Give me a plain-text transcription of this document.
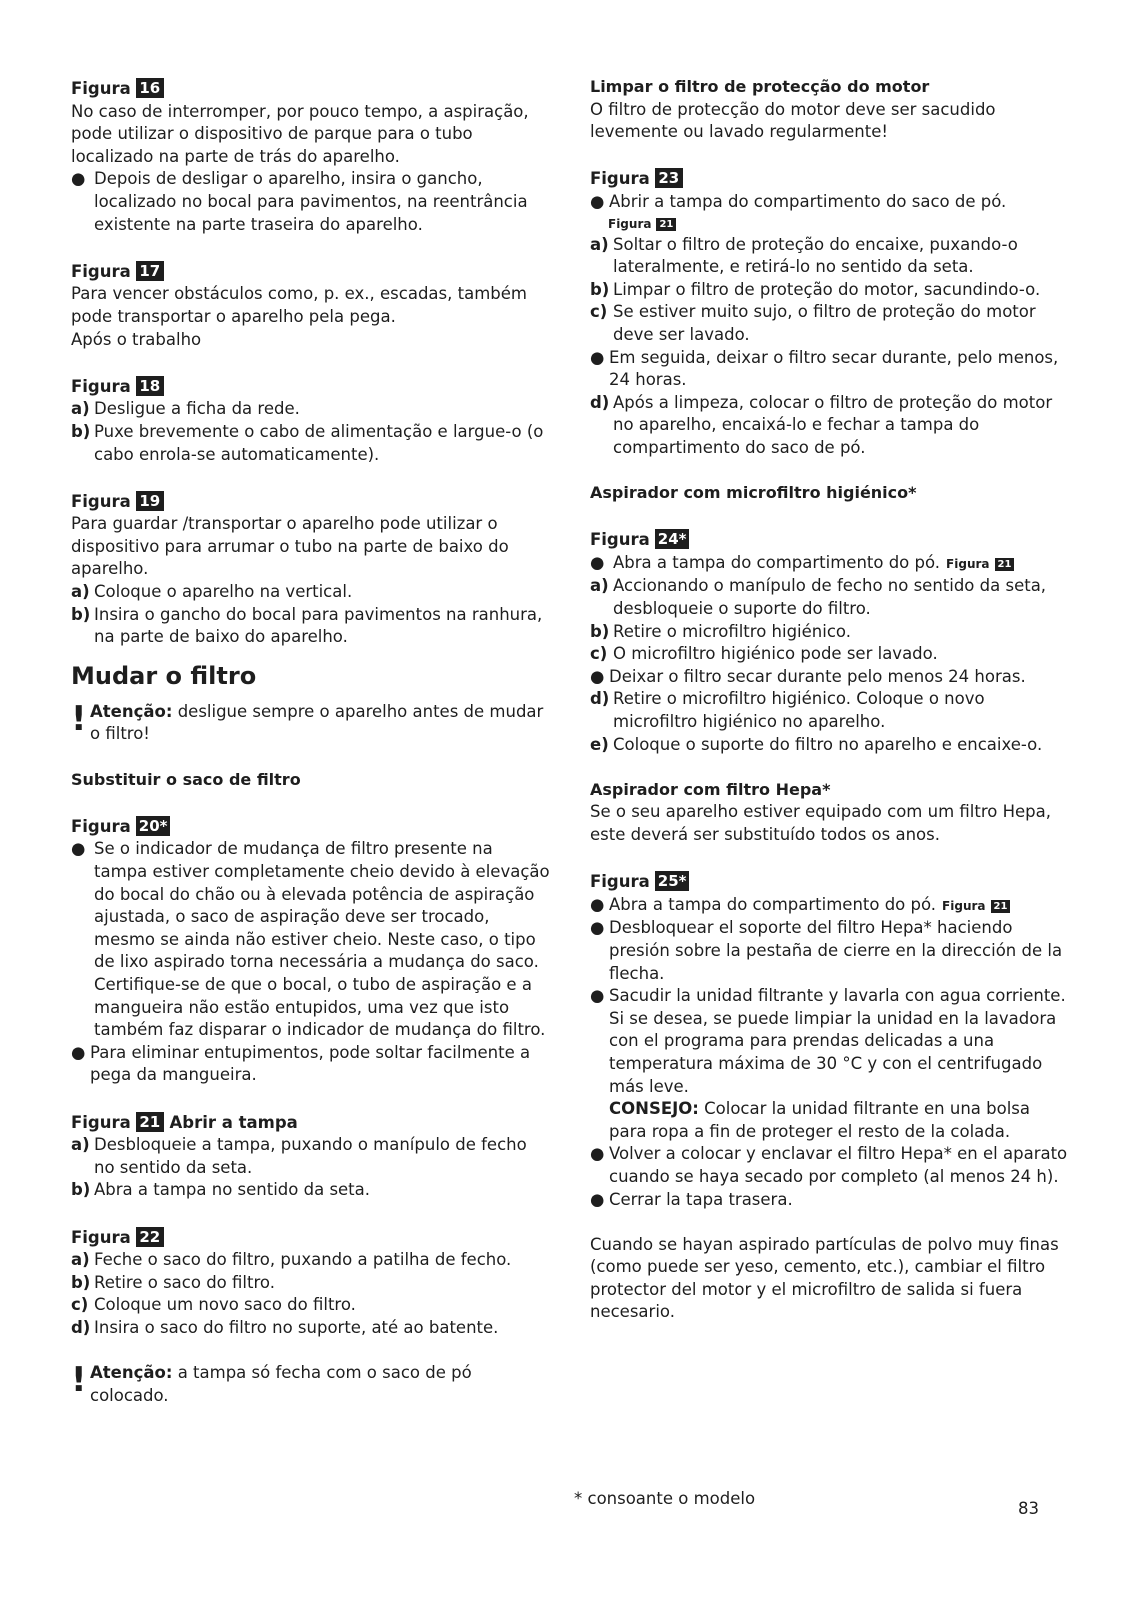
Figura 16

No caso de interromper, por pouco tempo, a aspiração, pode utilizar o dispositivo de parque para o tubo localizado na parte de trás do aparelho.

● Depois de desligar o aparelho, insira o gancho, localizado no bocal para pavimentos, na reentrância existente na parte traseira do aparelho.

Figura 17

Para vencer obstáculos como, p. ex., escadas, também pode transportar o aparelho pela pega.

Após o trabalho

Figura 18

a) Desligue a ficha da rede.
b) Puxe brevemente o cabo de alimentação e largue-o (o cabo enrola-se automaticamente).

Figura 19

Para guardar /transportar o aparelho pode utilizar o dispositivo para arrumar o tubo na parte de baixo do aparelho.

a) Coloque o aparelho na vertical.
b) Insira o gancho do bocal para pavimentos na ranhura, na parte de baixo do aparelho.
Mudar o filtro
! Atenção: desligue sempre o aparelho antes de mudar o filtro!

Substituir o saco de filtro

Figura 20*

● Se o indicador de mudança de filtro presente na tampa estiver completamente cheio devido à elevação do bocal do chão ou à elevada potência de aspiração ajustada, o saco de aspiração deve ser trocado, mesmo se ainda não estiver cheio. Neste caso, o tipo de lixo aspirado torna necessária a mudança do saco. Certifique-se de que o bocal, o tubo de aspiração e a mangueira não estão entupidos, uma vez que isto também faz disparar o indicador de mudança do filtro.
● Para eliminar entupimentos, pode soltar facilmente a pega da mangueira.

Figura 21 Abrir a tampa

a) Desbloqueie a tampa, puxando o manípulo de fecho no sentido da seta.
b) Abra a tampa no sentido da seta.

Figura 22

a) Feche o saco do filtro, puxando a patilha de fecho.
b) Retire o saco do filtro.
c) Coloque um novo saco do filtro.
d) Insira o saco do filtro no suporte, até ao batente.
! Atenção: a tampa só fecha com o saco de pó colocado.

Limpar o filtro de protecção do motor

O filtro de protecção do motor deve ser sacudido levemente ou lavado regularmente!

Figura 23

● Abrir a tampa do compartimento do saco de pó.

Figura 21

a) Soltar o filtro de proteção do encaixe, puxando-o lateralmente, e retirá-lo no sentido da seta.
b) Limpar o filtro de proteção do motor, sacundindo-o.
c) Se estiver muito sujo, o filtro de proteção do motor deve ser lavado.
● Em seguida, deixar o filtro secar durante, pelo menos, 24 horas.
d) Após a limpeza, colocar o filtro de proteção do motor no aparelho, encaixá-lo e fechar a tampa do compartimento do saco de pó.

Aspirador com microfiltro higiénico*

Figura 24*

● Abra a tampa do compartimento do pó. Figura 21
a) Accionando o manípulo de fecho no sentido da seta, desbloqueie o suporte do filtro.
b) Retire o microfiltro higiénico.
c) O microfiltro higiénico pode ser lavado.
● Deixar o filtro secar durante pelo menos 24 horas.
d) Retire o microfiltro higiénico. Coloque o novo microfiltro higiénico no aparelho.
e) Coloque o suporte do filtro no aparelho e encaixe-o.

Aspirador com filtro Hepa*

Se o seu aparelho estiver equipado com um filtro Hepa, este deverá ser substituído todos os anos.

Figura 25*

● Abra a tampa do compartimento do pó. Figura 21
● Desbloquear el soporte del filtro Hepa* haciendo presión sobre la pestaña de cierre en la dirección de la flecha.
● Sacudir la unidad filtrante y lavarla con agua corriente.
Si se desea, se puede limpiar la unidad en la lavadora con el programa para prendas delicadas a una temperatura máxima de 30 °C y con el centrifugado más leve.
CONSEJO: Colocar la unidad filtrante en una bolsa para ropa a fin de proteger el resto de la colada.
● Volver a colocar y enclavar el filtro Hepa* en el aparato cuando se haya secado por completo (al menos 24 h).
● Cerrar la tapa trasera.

Cuando se hayan aspirado partículas de polvo muy finas (como puede ser yeso, cemento, etc.), cambiar el filtro protector del motor y el microfiltro de salida si fuera necesario.

* consoante o modelo
83
